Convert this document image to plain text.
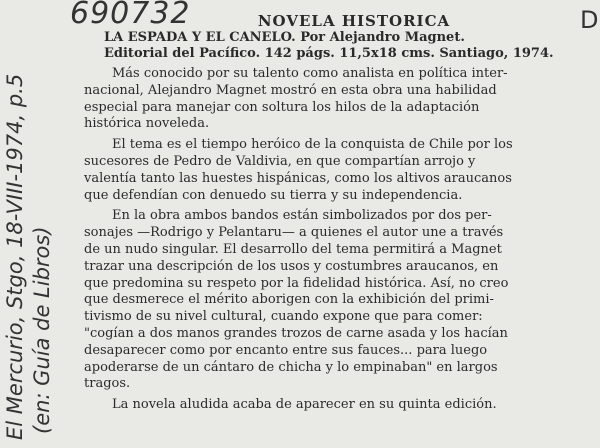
690732	D
El Mercurio, Stgo, 18-VIII-1974, p.5 (en: Guía de Libros)
NOVELA HISTORICA
LA ESPADA Y EL CANELO. Por Alejandro Magnet.
Editorial del Pacífico. 142 págs. 11,5x18 cms. Santiago, 1974.
Más conocido por su talento como analista en política inter-
nacional, Alejandro Magnet mostró en esta obra una habilidad
especial para manejar con soltura los hilos de la adaptación
histórica noveleda.
El tema es el tiempo heróico de la conquista de Chile por los
sucesores de Pedro de Valdivia, en que compartían arrojo y
valentía tanto las huestes hispánicas, como los altivos araucanos
que defendían con denuedo su tierra y su independencia.
En la obra ambos bandos están simbolizados por dos per-
sonajes —Rodrigo y Pelantaru— a quienes el autor une a través
de un nudo singular. El desarrollo del tema permitirá a Magnet
trazar una descripción de los usos y costumbres araucanos, en
que predomina su respeto por la fidelidad histórica. Así, no creo
que desmerece el mérito aborigen con la exhibición del primi-
tivismo de su nivel cultural, cuando expone que para comer:
"cogían a dos manos grandes trozos de carne asada y los hacían
desaparecer como por encanto entre sus fauces... para luego
apoderarse de un cántaro de chicha y lo empinaban" en largos
tragos.
La novela aludida acaba de aparecer en su quinta edición.
